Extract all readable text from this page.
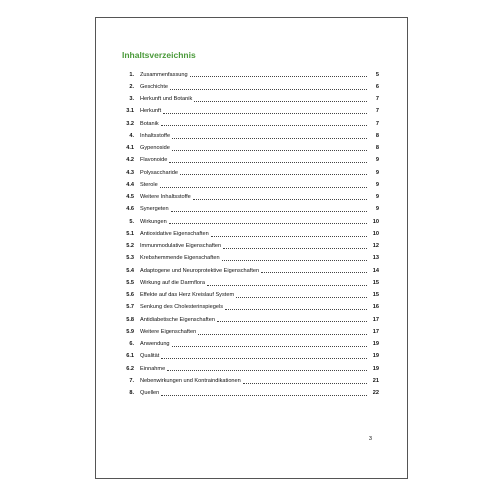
Inhaltsverzeichnis
1.	Zusammenfassung	5
2.	Geschichte	6
3.	Herkunft und Botanik	7
3.1	Herkunft	7
3.2	Botanik	7
4.	Inhaltsstoffe	8
4.1	Gypenoside	8
4.2	Flavonoide	9
4.3	Polysaccharide	9
4.4	Sterole	9
4.5	Weitere Inhaltsstoffe	9
4.6	Synergeten	9
5.	Wirkungen	10
5.1	Antioxidative Eigenschaften	10
5.2	Immunmodulative Eigenschaften	12
5.3	Krebshemmende Eigenschaften	13
5.4	Adaptogene und Neuroprotektive Eigenschaften	14
5.5	Wirkung auf die Darmflora	15
5.6	Effekte auf das Herz Kreislauf System	15
5.7	Senkung des Cholesterinspiegels	16
5.8	Antidiabetische Eigenschaften	17
5.9	Weitere Eigenschaften	17
6.	Anwendung	19
6.1	Qualität	19
6.2	Einnahme	19
7.	Nebenwirkungen und Kontraindikationen	21
8.	Quellen	22
3
